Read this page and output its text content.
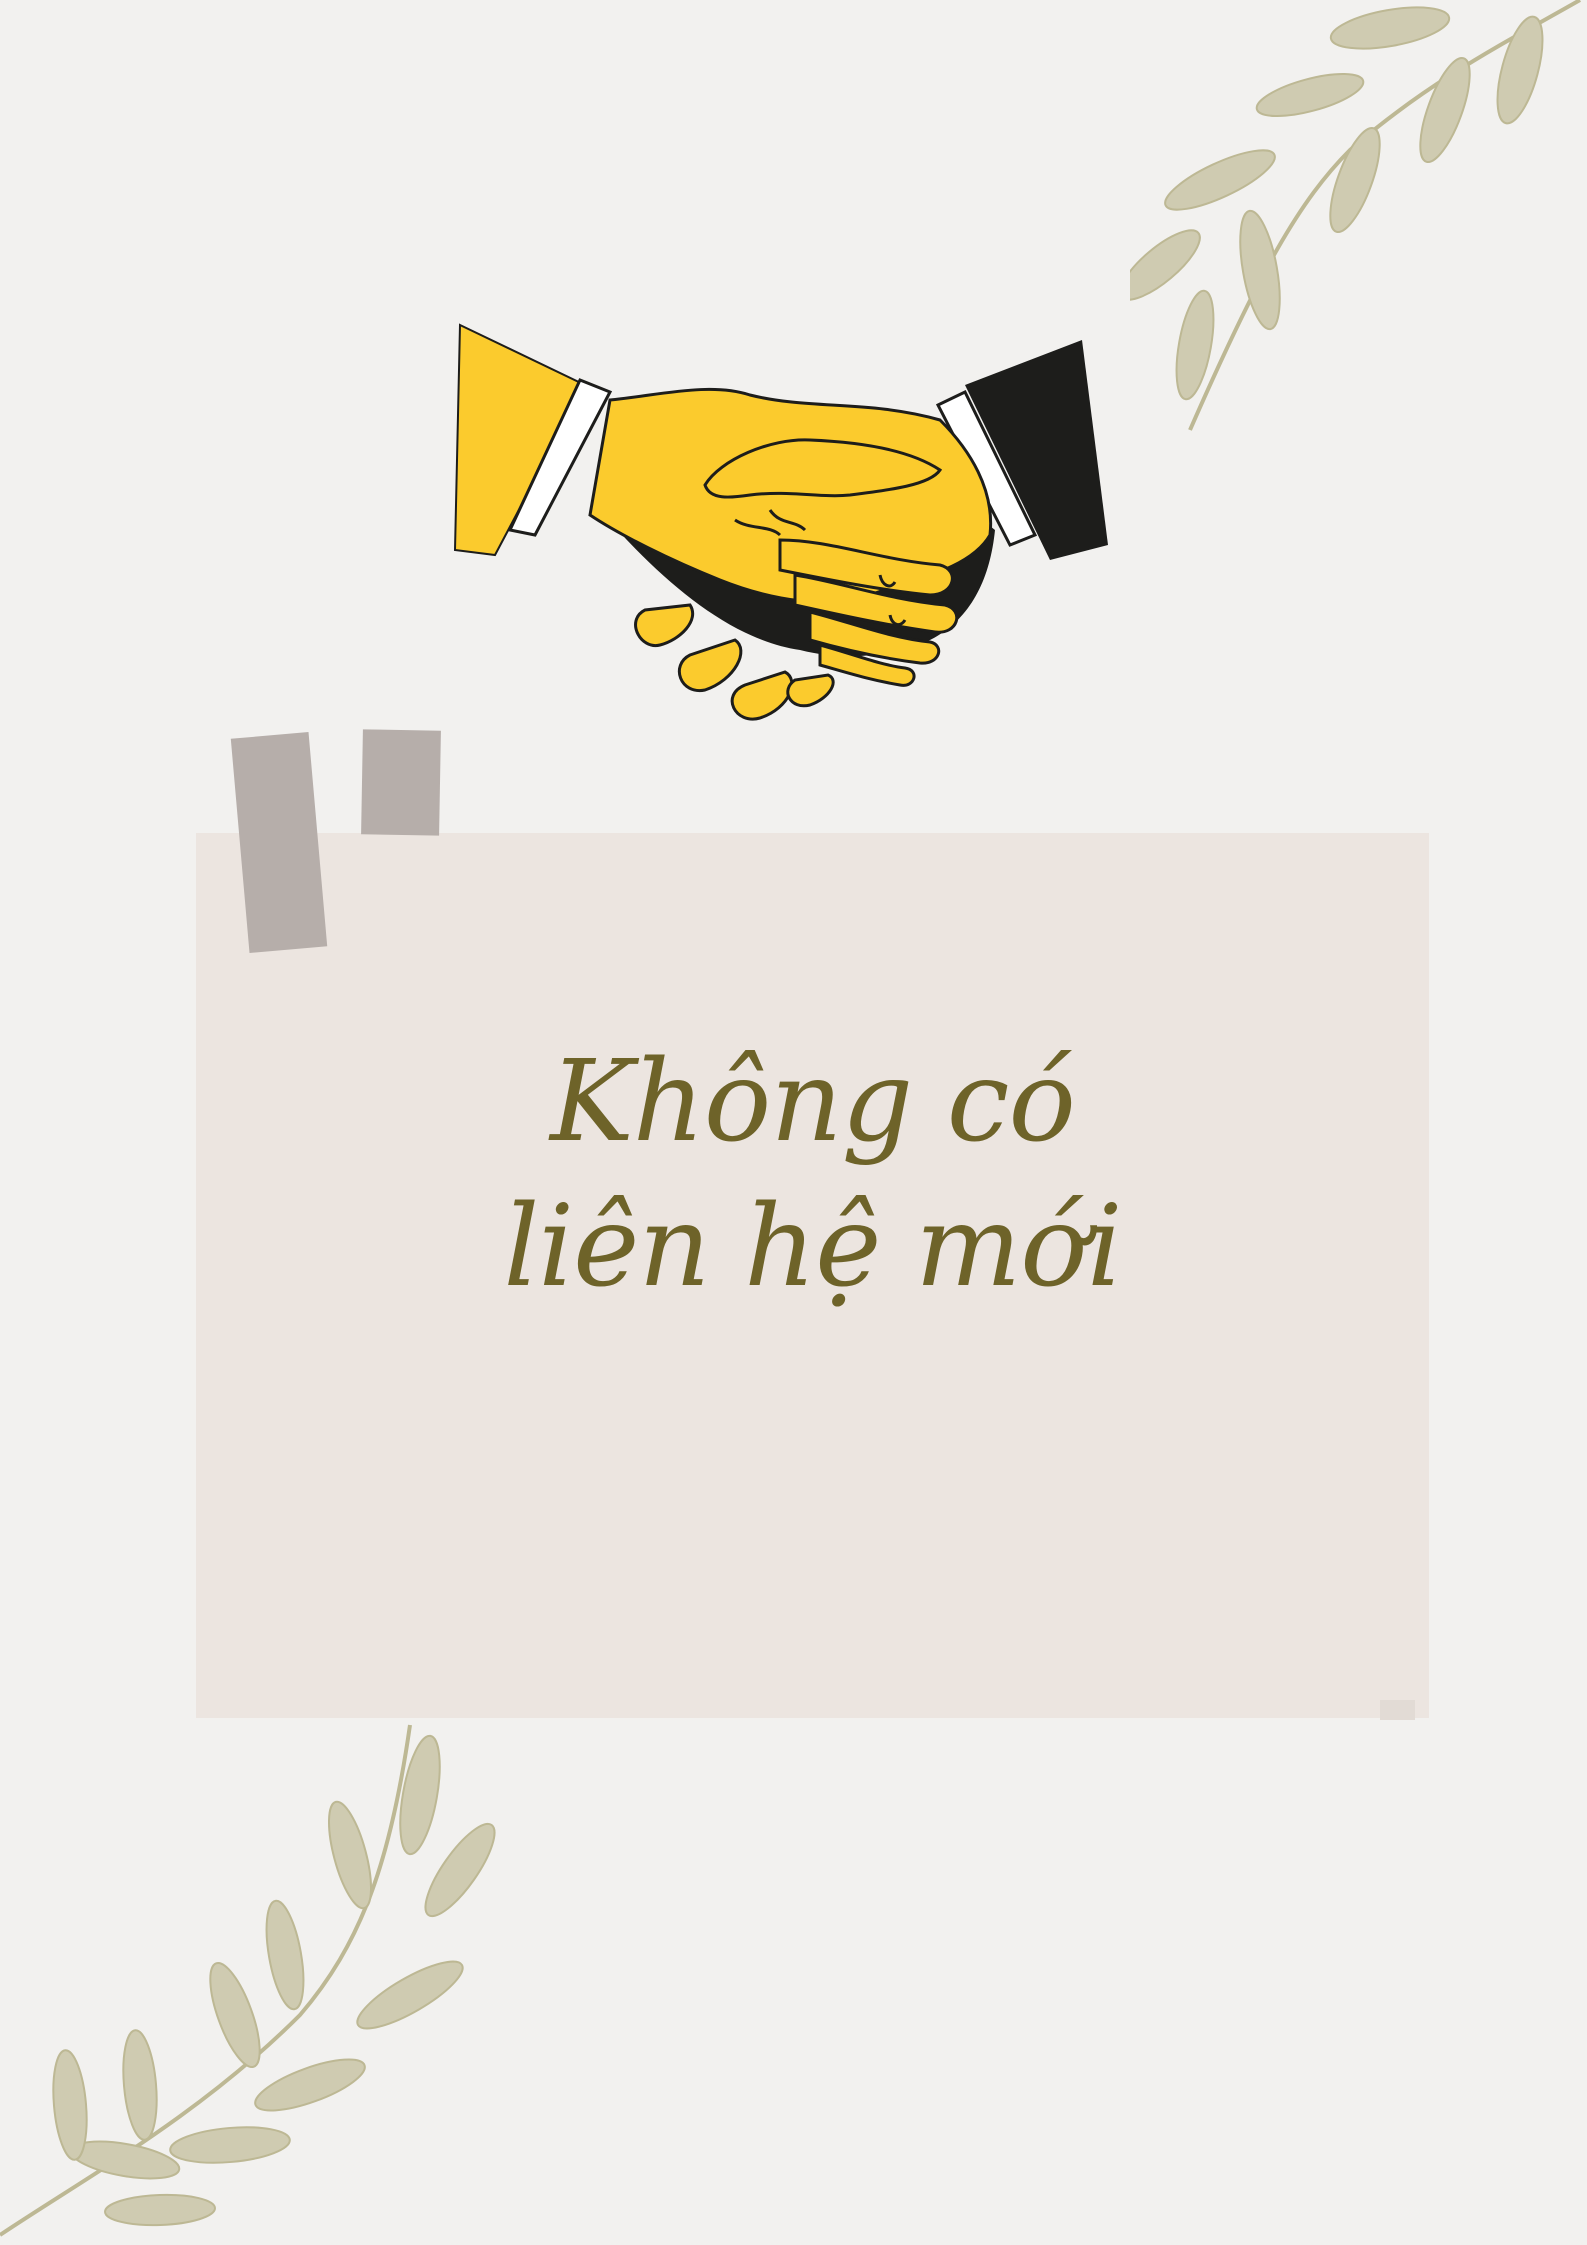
Không có
liên hệ mới
